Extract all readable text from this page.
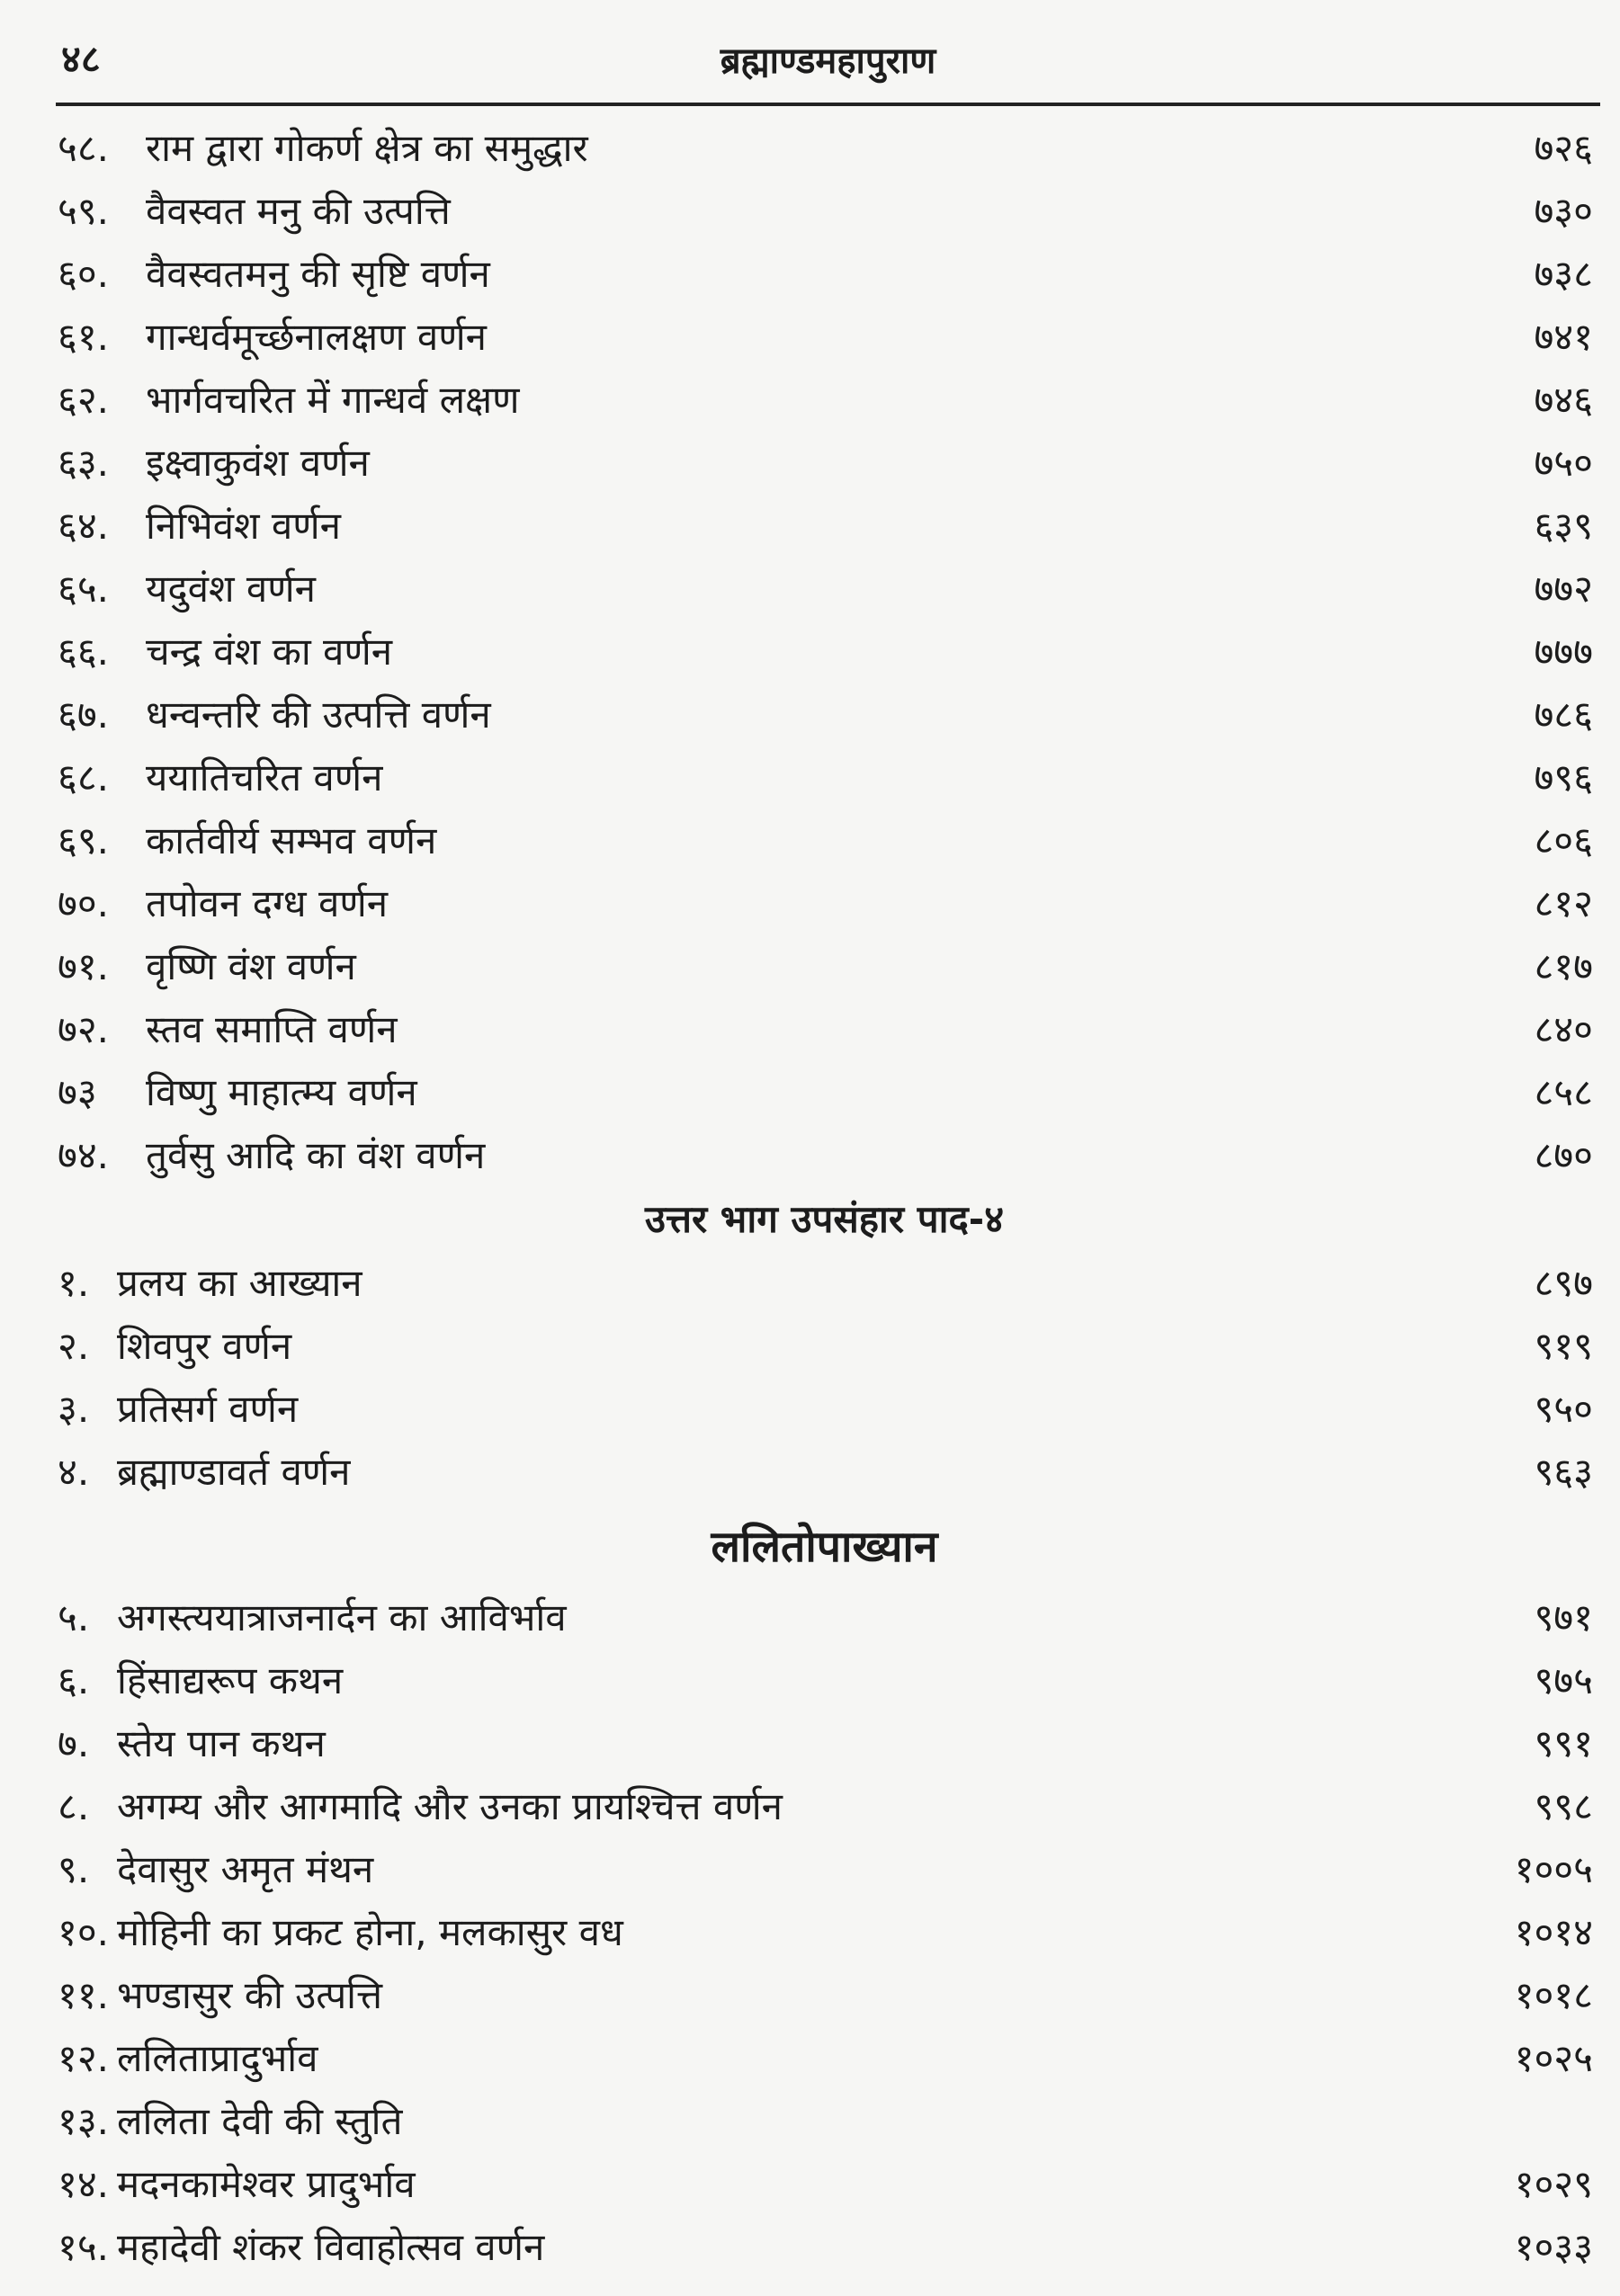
४८	ब्रह्माण्डमहापुराण
५८. राम द्वारा गोकर्ण क्षेत्र का समुद्धार	७२६
५९. वैवस्वत मनु की उत्पत्ति	७३०
६०. वैवस्वतमनु की सृष्टि वर्णन	७३८
६१. गान्धर्वमूर्च्छनालक्षण वर्णन	७४१
६२. भार्गवचरित में गान्धर्व लक्षण	७४६
६३. इक्ष्वाकुवंश वर्णन	७५०
६४. निभिवंश वर्णन	६३९
६५. यदुवंश वर्णन	७७२
६६. चन्द्र वंश का वर्णन	७७७
६७. धन्वन्तरि की उत्पत्ति वर्णन	७८६
६८. ययातिचरित वर्णन	७९६
६९. कार्तवीर्य सम्भव वर्णन	८०६
७०. तपोवन दग्ध वर्णन	८१२
७१. वृष्णि वंश वर्णन	८१७
७२. स्तव समाप्ति वर्णन	८४०
७३ विष्णु माहात्म्य वर्णन	८५८
७४. तुर्वसु आदि का वंश वर्णन	८७०
उत्तर भाग उपसंहार पाद-४
१. प्रलय का आख्यान	८९७
२. शिवपुर वर्णन	९१९
३. प्रतिसर्ग वर्णन	९५०
४. ब्रह्माण्डावर्त वर्णन	९६३
ललितोपाख्यान
५. अगस्त्ययात्राजनार्दन का आविर्भाव	९७१
६. हिंसाद्यरूप कथन	९७५
७. स्तेय पान कथन	९९१
८. अगम्य और आगमादि और उनका प्रायश्चित्त वर्णन	९९८
९. देवासुर अमृत मंथन	१००५
१०. मोहिनी का प्रकट होना, मलकासुर वध	१०१४
११. भण्डासुर की उत्पत्ति	१०१८
१२. ललिताप्रादुर्भाव	१०२५
१३. ललिता देवी की स्तुति
१४. मदनकामेश्वर प्रादुर्भाव	१०२९
१५. महादेवी शंकर विवाहोत्सव वर्णन	१०३३
